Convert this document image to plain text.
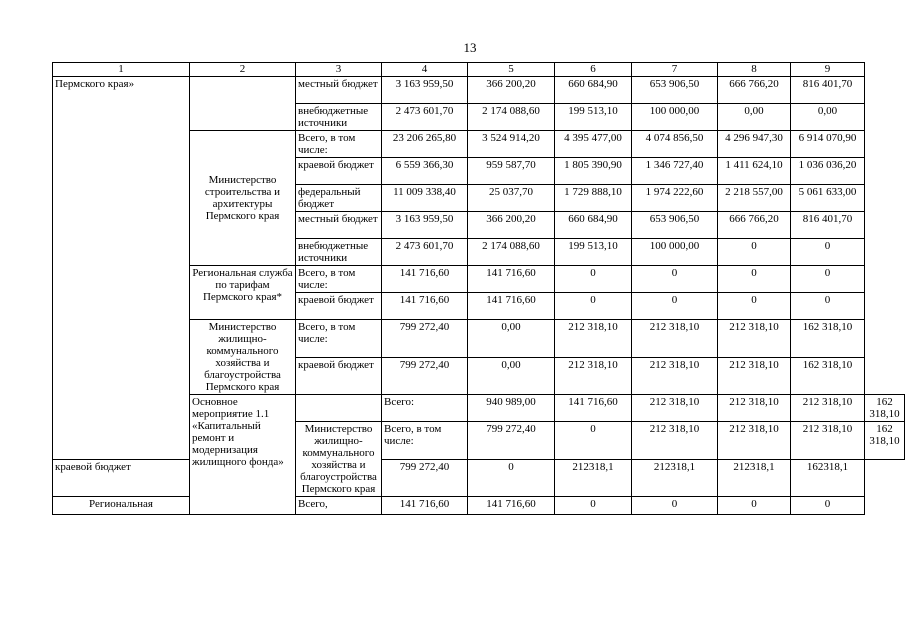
13
1	2	3	4	5	6	7	8	9	
Пермского края»		местный бюджет	3 163 959,50	366 200,20	660 684,90	653 906,50	666 766,20	816 401,70	
		внебюджетные источники	2 473 601,70	2 174 088,60	199 513,10	100 000,00	0,00	0,00	
	Министерство строительства и архитектуры Пермского края	Всего, в том числе:	23 206 265,80	3 524 914,20	4 395 477,00	4 074 856,50	4 296 947,30	6 914 070,90	
		краевой бюджет	6 559 366,30	959 587,70	1 805 390,90	1 346 727,40	1 411 624,10	1 036 036,20	
		федеральный бюджет	11 009 338,40	25 037,70	1 729 888,10	1 974 222,60	2 218 557,00	5 061 633,00	
		местный бюджет	3 163 959,50	366 200,20	660 684,90	653 906,50	666 766,20	816 401,70	
		внебюджетные источники	2 473 601,70	2 174 088,60	199 513,10	100 000,00	0	0	
	Региональная служба по тарифам Пермского края*	Всего, в том числе:	141 716,60	141 716,60	0	0	0	0	
		краевой бюджет	141 716,60	141 716,60	0	0	0	0	
	Министерство жилищно-коммунального хозяйства и благоустройства Пермского края	Всего, в том числе:	799 272,40	0,00	212 318,10	212 318,10	212 318,10	162 318,10	
		краевой бюджет	799 272,40	0,00	212 318,10	212 318,10	212 318,10	162 318,10	
	Основное мероприятие 1.1 «Капитальный ремонт и модернизация жилищного фонда»		Всего:	940 989,00	141 716,60	212 318,10	212 318,10	212 318,10	162 318,10
		Министерство жилищно-коммунального хозяйства и благоустройства Пермского края	Всего, в том числе:	799 272,40	0	212 318,10	212 318,10	212 318,10	162 318,10
краевой бюджет			799 272,40	0	212318,1	212318,1	212318,1	162318,1	
Региональная		Всего,	141 716,60	141 716,60	0	0	0	0	
